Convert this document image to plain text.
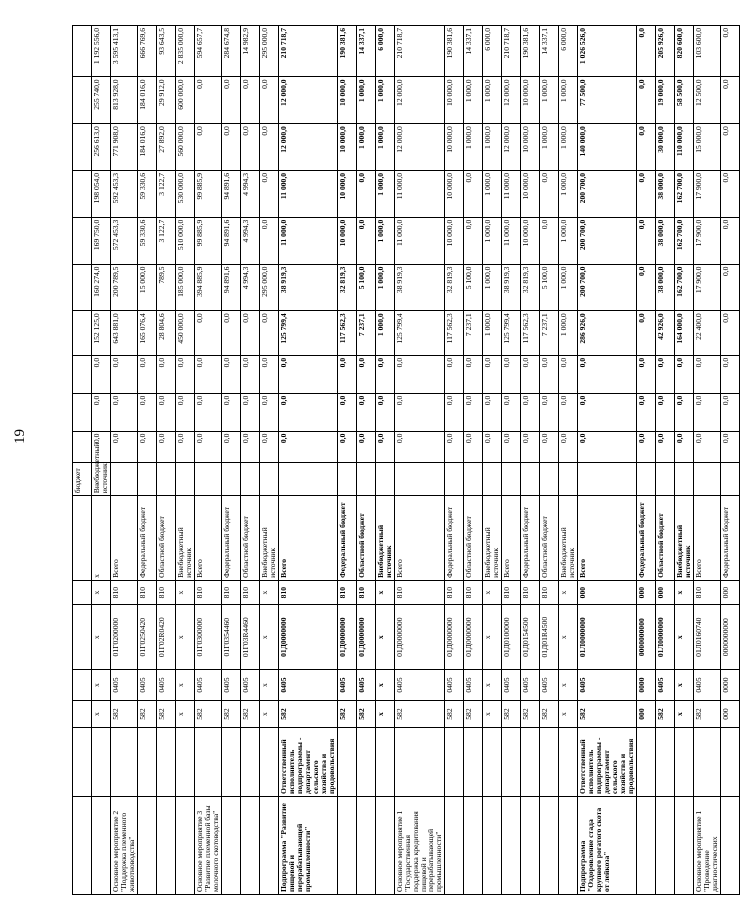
19
							бюджет										
		х	х	х	х	х	Внебюджетный источник	0,0	0,0	0,0	152 125,0	160 274,0	169 750,0	198 054,0	256 613,0	255 740,0	1 192 556,0
Основное мероприятие 2 "Поддержка племенного животноводства"		582	0405	01Г0200000	810	Всего		0,0	0,0	0,0	643 881,0	200 789,5	572 453,3	592 453,3	771 908,0	813 928,0	3 595 413,1
		582	0405	01Г0250420	810	Федеральный бюджет		0,0	0,0	0,0	165 076,4	15 000,0	59 330,6	59 330,6	184 016,0	184 016,0	666 769,6
		582	0405	01Г02R0420	810	Областной бюджет		0,0	0,0	0,0	28 804,6	789,5	3 122,7	3 122,7	27 892,0	29 912,0	93 643,5
		х	х	х	х	Внебюджетный источник		0,0	0,0	0,0	450 000,0	185 000,0	510 000,0	530 000,0	560 000,0	600 000,0	2 835 000,0
Основное мероприятие 3 "Развитие племенной базы молочного скотоводства"		582	0405	01Г0300000	810	Всего		0,0	0,0	0,0	0,0	394 885,9	99 885,9	99 885,9	0,0	0,0	594 657,7
		582	0405	01Г0354460	810	Федеральный бюджет		0,0	0,0	0,0	0,0	94 891,6	94 891,6	94 891,6	0,0	0,0	284 674,8
		582	0405	01Г03R4460	810	Областной бюджет		0,0	0,0	0,0	0,0	4 994,3	4 994,3	4 994,3	0,0	0,0	14 982,9
		х	х	х	х	Внебюджетный источник		0,0	0,0	0,0	0,0	295 000,0	0,0	0,0	0,0	0,0	295 000,0
Подпрограмма "Развитие пищевой и перерабатывающей промышленности"	Ответственный исполнитель подпрограммы - департамент сельского хозяйства и продовольствия	582	0405	01Д0000000	810	Всего		0,0	0,0	0,0	125 799,4	38 919,3	11 000,0	11 000,0	12 000,0	12 000,0	210 718,7
		582	0405	01Д0000000	810	Федеральный бюджет		0,0	0,0	0,0	117 562,3	32 819,3	10 000,0	10 000,0	10 000,0	10 000,0	190 381,6
		582	0405	01Д0000000	810	Областной бюджет		0,0	0,0	0,0	7 237,1	5 100,0	0,0	0,0	1 000,0	1 000,0	14 337,1
		х	х	х	х	Внебюджетный источник		0,0	0,0	0,0	1 000,0	1 000,0	1 000,0	1 000,0	1 000,0	1 000,0	6 000,0
Основное мероприятие 1 "Государственная поддержка кредитования пищевой и перерабатывающей промышленности"		582	0405	01Д0000000	810	Всего		0,0	0,0	0,0	125 799,4	38 919,3	11 000,0	11 000,0	12 000,0	12 000,0	210 718,7
		582	0405	01Д0000000	810	Федеральный бюджет		0,0	0,0	0,0	117 562,3	32 819,3	10 000,0	10 000,0	10 000,0	10 000,0	190 381,6
		582	0405	01Д0000000	810	Областной бюджет		0,0	0,0	0,0	7 237,1	5 100,0	0,0	0,0	1 000,0	1 000,0	14 337,1
		х	х	х	х	Внебюджетный источник		0,0	0,0	0,0	1 000,0	1 000,0	1 000,0	1 000,0	1 000,0	1 000,0	6 000,0
		582	0405	01Д0100000	810	Всего		0,0	0,0	0,0	125 799,4	38 919,3	11 000,0	11 000,0	12 000,0	12 000,0	210 718,7
		582	0405	01Д0154500	810	Федеральный бюджет		0,0	0,0	0,0	117 562,3	32 819,3	10 000,0	10 000,0	10 000,0	10 000,0	190 381,6
		582	0405	01Д01R4500	810	Областной бюджет		0,0	0,0	0,0	7 237,1	5 100,0	0,0	0,0	1 000,0	1 000,0	14 337,1
		х	х	х	х	Внебюджетный источник		0,0	0,0	0,0	1 000,0	1 000,0	1 000,0	1 000,0	1 000,0	1 000,0	6 000,0
Подпрограмма "Оздоровление стада крупного рогатого скота от лейкоза"	Ответственный исполнитель подпрограммы - департамент сельского хозяйства и продовольствия	582	0405	01Л0000000	000	Всего		0,0	0,0	0,0	286 926,0	200 700,0	200 700,0	200 700,0	140 000,0	77 500,0	1 026 526,0
		000	0000	0000000000	000	Федеральный бюджет		0,0	0,0	0,0	0,0	0,0	0,0	0,0	0,0	0,0	0,0
		582	0405	01Л0000000	000	Областной бюджет		0,0	0,0	0,0	42 926,0	38 000,0	38 000,0	38 000,0	30 000,0	19 000,0	205 926,0
		х	х	х	х	Внебюджетный источник		0,0	0,0	0,0	164 000,0	162 700,0	162 700,0	162 700,0	110 000,0	58 500,0	820 600,0
Основное мероприятие 1 "Проведение диагностических		582	0405	01Л0160740	810	Всего		0,0	0,0	0,0	22 400,0	17 900,0	17 900,0	17 900,0	15 000,0	12 500,0	103 600,0
		000	0000	0000000000	000	Федеральный бюджет		0,0	0,0	0,0	0,0	0,0	0,0	0,0	0,0	0,0	0,0
